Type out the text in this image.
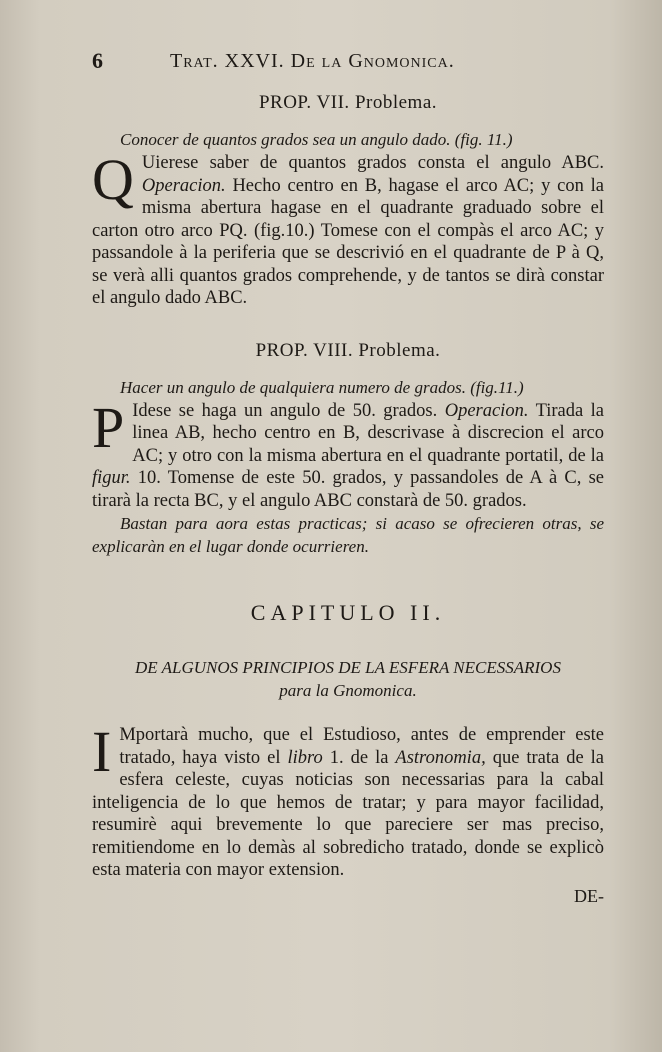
6	Trat. XXVI. De la Gnomonica.
PROP. VII. Problema.

Conocer de quantos grados sea un angulo dado. (fig. 11.)

Q Uierese saber de quantos grados consta el angulo ABC. Operacion. Hecho centro en B, hagase el arco AC; y con la misma abertura hagase en el quadrante graduado sobre el carton otro arco PQ. (fig.10.) Tomese con el compàs el arco AC; y passandole à la periferia que se descrivió en el quadrante de P à Q, se verà alli quantos grados comprehende, y de tantos se dirà constar el angulo dado ABC.

PROP. VIII. Problema.

Hacer un angulo de qualquiera numero de grados. (fig.11.)

P Idese se haga un angulo de 50. grados. Operacion. Tirada la linea AB, hecho centro en B, descrivase à discrecion el arco AC; y otro con la misma abertura en el quadrante portatil, de la figur. 10. Tomense de este 50. grados, y passandoles de A à C, se tirarà la recta BC, y el angulo ABC constarà de 50. grados.

Bastan para aora estas practicas; si acaso se ofrecieren otras, se explicaràn en el lugar donde ocurrieren.

CAPITULO II.
DE ALGUNOS PRINCIPIOS DE LA ESFERA NECESSARIOS
para la Gnomonica.

I Mportarà mucho, que el Estudioso, antes de emprender este tratado, haya visto el libro 1. de la Astronomia, que trata de la esfera celeste, cuyas noticias son necessarias para la cabal inteligencia de lo que hemos de tratar; y para mayor facilidad, resumirè aqui brevemente lo que pareciere ser mas preciso, remitiendome en lo demàs al sobredicho tratado, donde se explicò esta materia con mayor extension.

DE-
